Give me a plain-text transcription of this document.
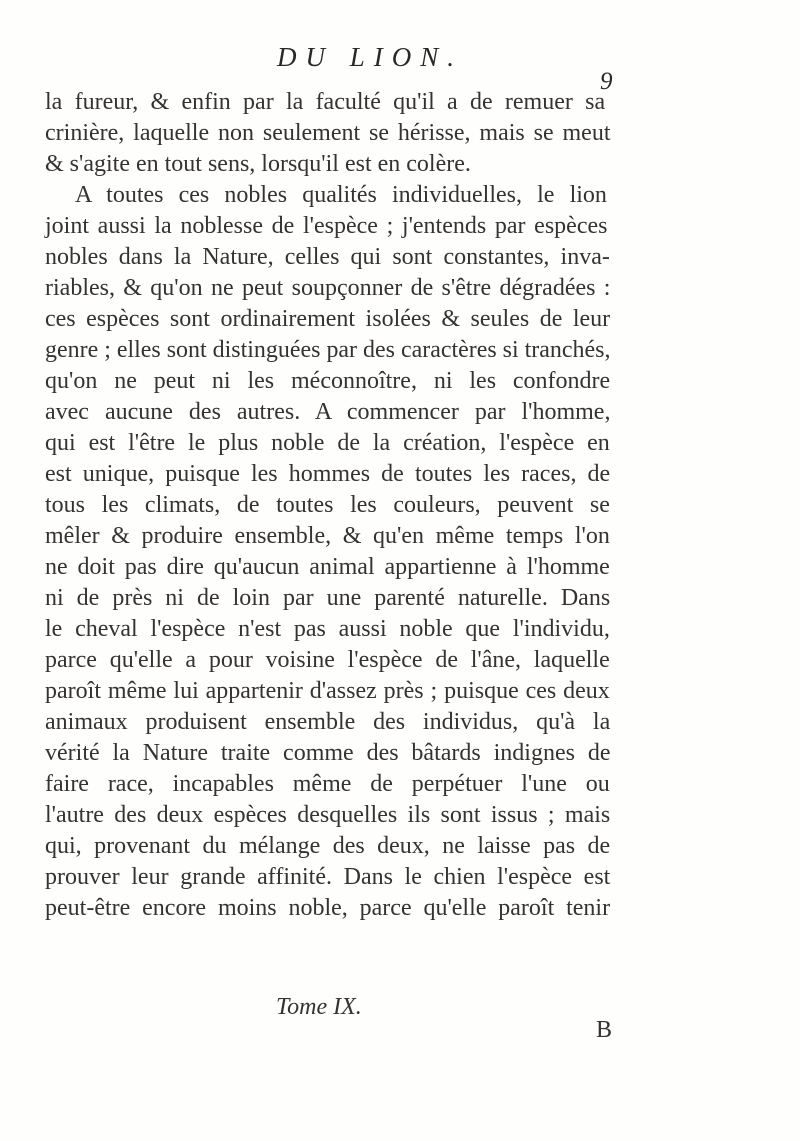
DU LION.
9
la fureur, & enfin par la faculté qu'il a de remuer sa
crinière, laquelle non seulement se hérisse, mais se meut
& s'agite en tout sens, lorsqu'il est en colère.
A toutes ces nobles qualités individuelles, le lion
joint aussi la noblesse de l'espèce ; j'entends par espèces
nobles dans la Nature, celles qui sont constantes, inva-
riables, & qu'on ne peut soupçonner de s'être dégradées :
ces espèces sont ordinairement isolées & seules de leur
genre ; elles sont distinguées par des caractères si tranchés,
qu'on ne peut ni les méconnoître, ni les confondre
avec aucune des autres. A commencer par l'homme,
qui est l'être le plus noble de la création, l'espèce en
est unique, puisque les hommes de toutes les races, de
tous les climats, de toutes les couleurs, peuvent se
mêler & produire ensemble, & qu'en même temps l'on
ne doit pas dire qu'aucun animal appartienne à l'homme
ni de près ni de loin par une parenté naturelle. Dans
le cheval l'espèce n'est pas aussi noble que l'individu,
parce qu'elle a pour voisine l'espèce de l'âne, laquelle
paroît même lui appartenir d'assez près ; puisque ces deux
animaux produisent ensemble des individus, qu'à la
vérité la Nature traite comme des bâtards indignes de
faire race, incapables même de perpétuer l'une ou
l'autre des deux espèces desquelles ils sont issus ; mais
qui, provenant du mélange des deux, ne laisse pas de
prouver leur grande affinité. Dans le chien l'espèce est
peut-être encore moins noble, parce qu'elle paroît tenir
Tome IX.
B
